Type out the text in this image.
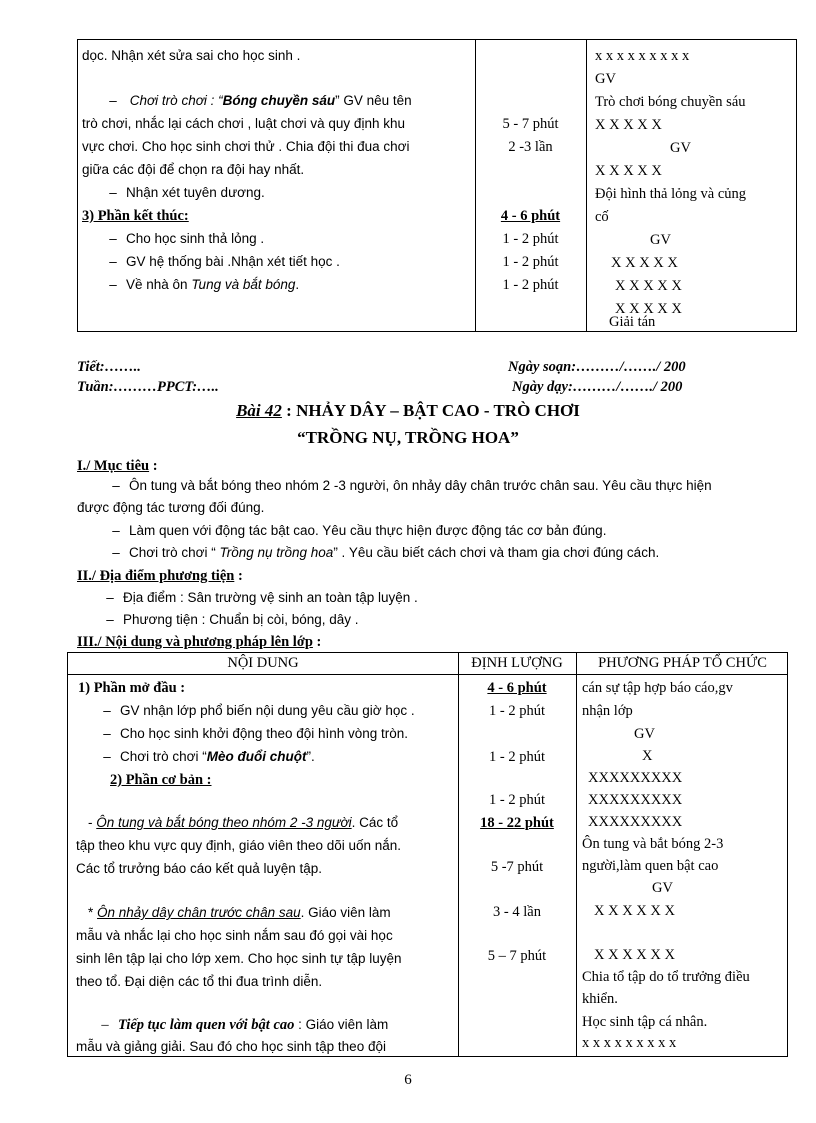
dọc. Nhận xét sửa sai cho học sinh .
– Chơi trò chơi : “Bóng chuyền sáu” GV nêu tên
trò chơi, nhắc lại cách chơi , luật chơi và quy định khu
vực chơi. Cho học sinh chơi thử . Chia đội thi đua chơi
giữa các đội để chọn ra đội hay nhất.
– Nhận xét tuyên dương.
3) Phần kết thúc:
– Cho học sinh thả lỏng .
– GV hệ thống bài .Nhận xét tiết học .
– Về nhà ôn Tung và bắt bóng.
5 - 7 phút
2 -3 lần
4 - 6 phút
1 - 2 phút
1 - 2 phút
1 - 2 phút
x x x x x x x x x
GV
Trò chơi bóng chuyền sáu
X X X X X
GV
X X X X X
Đội hình thả lỏng và củng
cố
GV
X X X X X
X X X X X
X X X X X
Giải tán
Tiết:……..
Tuần:………PPCT:…..
Ngày soạn:………/……./ 200
Ngày dạy:………/……./ 200
Bài 42 : NHẢY DÂY – BẬT CAO - TRÒ CHƠI
“TRỒNG NỤ, TRỒNG HOA”
I./ Mục tiêu :
– Ôn tung và bắt bóng theo nhóm 2 -3 người, ôn nhảy dây chân trước chân sau. Yêu cầu thực hiện
được động tác tương đối đúng.
– Làm quen với động tác bật cao. Yêu cầu thực hiện được động tác cơ bản đúng.
– Chơi trò chơi “ Trồng nụ trồng hoa” . Yêu cầu biết cách chơi và tham gia chơi đúng cách.
II./ Địa điểm phương tiện :
– Địa điểm : Sân trường vệ sinh an toàn tập luyện .
– Phương tiện : Chuẩn bị còi, bóng, dây .
III./ Nội dung và phương pháp lên lớp :
NỘI DUNG	ĐỊNH LƯỢNG	PHƯƠNG PHÁP TỔ CHỨC
1) Phần mở đầu :
– GV nhận lớp phổ biến nội dung yêu cầu giờ học .
– Cho học sinh khởi động theo đội hình vòng tròn.
– Chơi trò chơi “Mèo đuổi chuột”.
2) Phần cơ bản :
- Ôn tung và bắt bóng theo nhóm 2 -3 người. Các tổ
tập theo khu vực quy định, giáo viên theo dõi uốn nắn.
Các tổ trưởng báo cáo kết quả luyện tập.
* Ôn nhảy dây chân trước chân sau. Giáo viên làm
mẫu và nhắc lại cho học sinh nắm sau đó gọi vài học
sinh lên tập lại cho lớp xem. Cho học sinh tự tập luyện
theo tổ. Đại diện các tổ thi đua trình diễn.
– Tiếp tục làm quen với bật cao : Giáo viên làm
mẫu và giảng giải. Sau đó cho học sinh tập theo đội
4 - 6 phút
1 - 2 phút
1 - 2 phút
1 - 2 phút
18 - 22 phút
5 -7 phút
3 - 4 lần
5 – 7 phút
cán sự tập hợp báo cáo,gv
nhận lớp
GV
X
XXXXXXXXX
XXXXXXXXX
XXXXXXXXX
Ôn tung và bắt bóng 2-3
người,làm quen bật cao
GV
X X X X X X
X X X X X X
Chia tổ tập do tổ trưởng điều
khiển.
Học sinh tập cá nhân.
x x x x x x x x x
6
